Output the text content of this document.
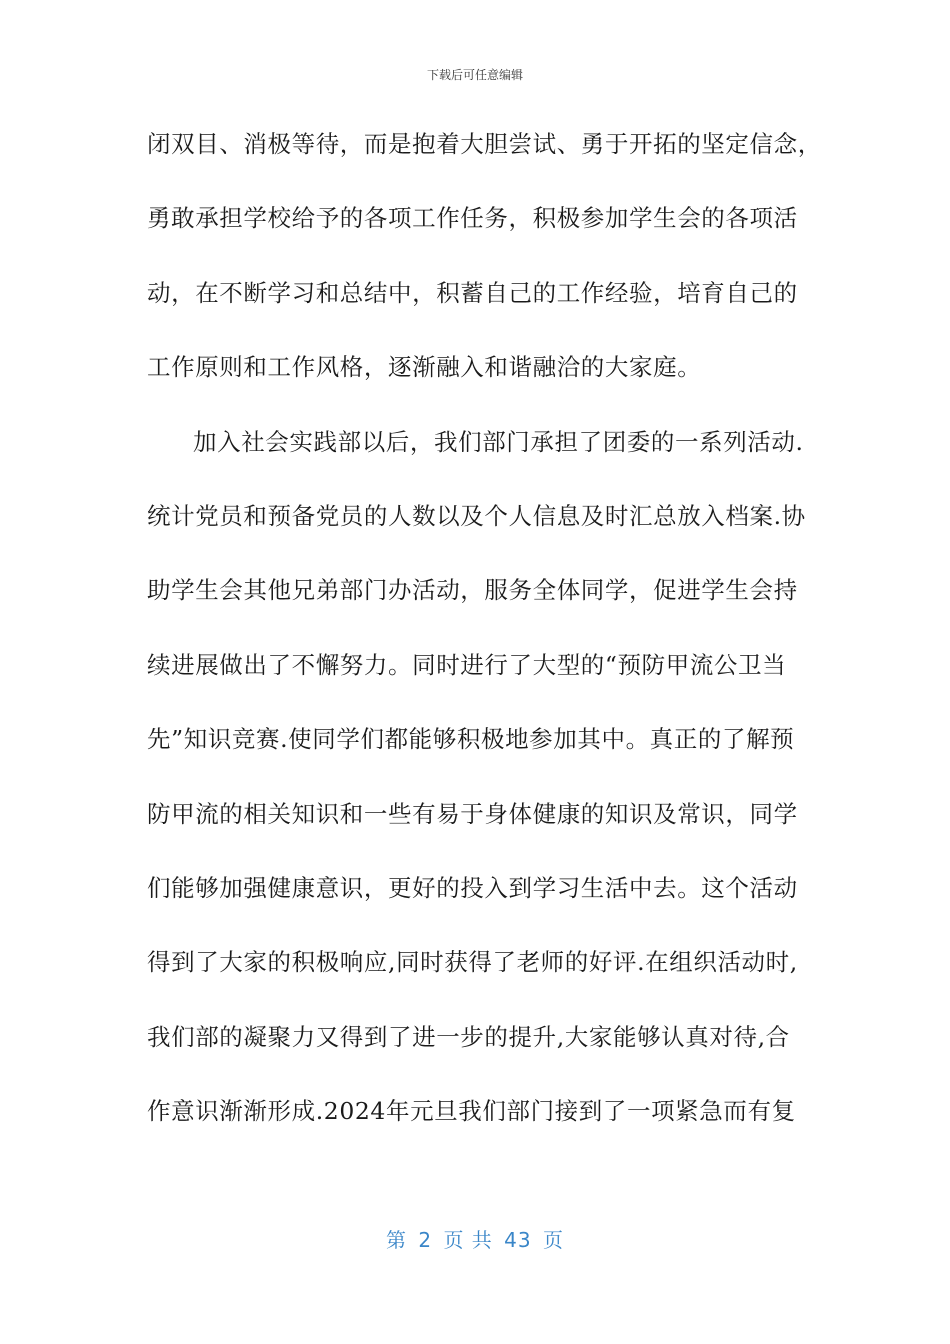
下载后可任意编辑
闭双目、消极等待，而是抱着大胆尝试、勇于开拓的坚定信念，
勇敢承担学校给予的各项工作任务，积极参加学生会的各项活
动，在不断学习和总结中，积蓄自己的工作经验，培育自己的
工作原则和工作风格，逐渐融入和谐融洽的大家庭。
加入社会实践部以后，我们部门承担了团委的一系列活动.
统计党员和预备党员的人数以及个人信息及时汇总放入档案.协
助学生会其他兄弟部门办活动，服务全体同学，促进学生会持
续进展做出了不懈努力。同时进行了大型的“预防甲流公卫当
先”知识竞赛.使同学们都能够积极地参加其中。真正的了解预
防甲流的相关知识和一些有易于身体健康的知识及常识，同学
们能够加强健康意识，更好的投入到学习生活中去。这个活动
得到了大家的积极响应,同时获得了老师的好评.在组织活动时,
我们部的凝聚力又得到了进一步的提升,大家能够认真对待,合
作意识渐渐形成.2024年元旦我们部门接到了一项紧急而有复
第 2 页 共 43 页
